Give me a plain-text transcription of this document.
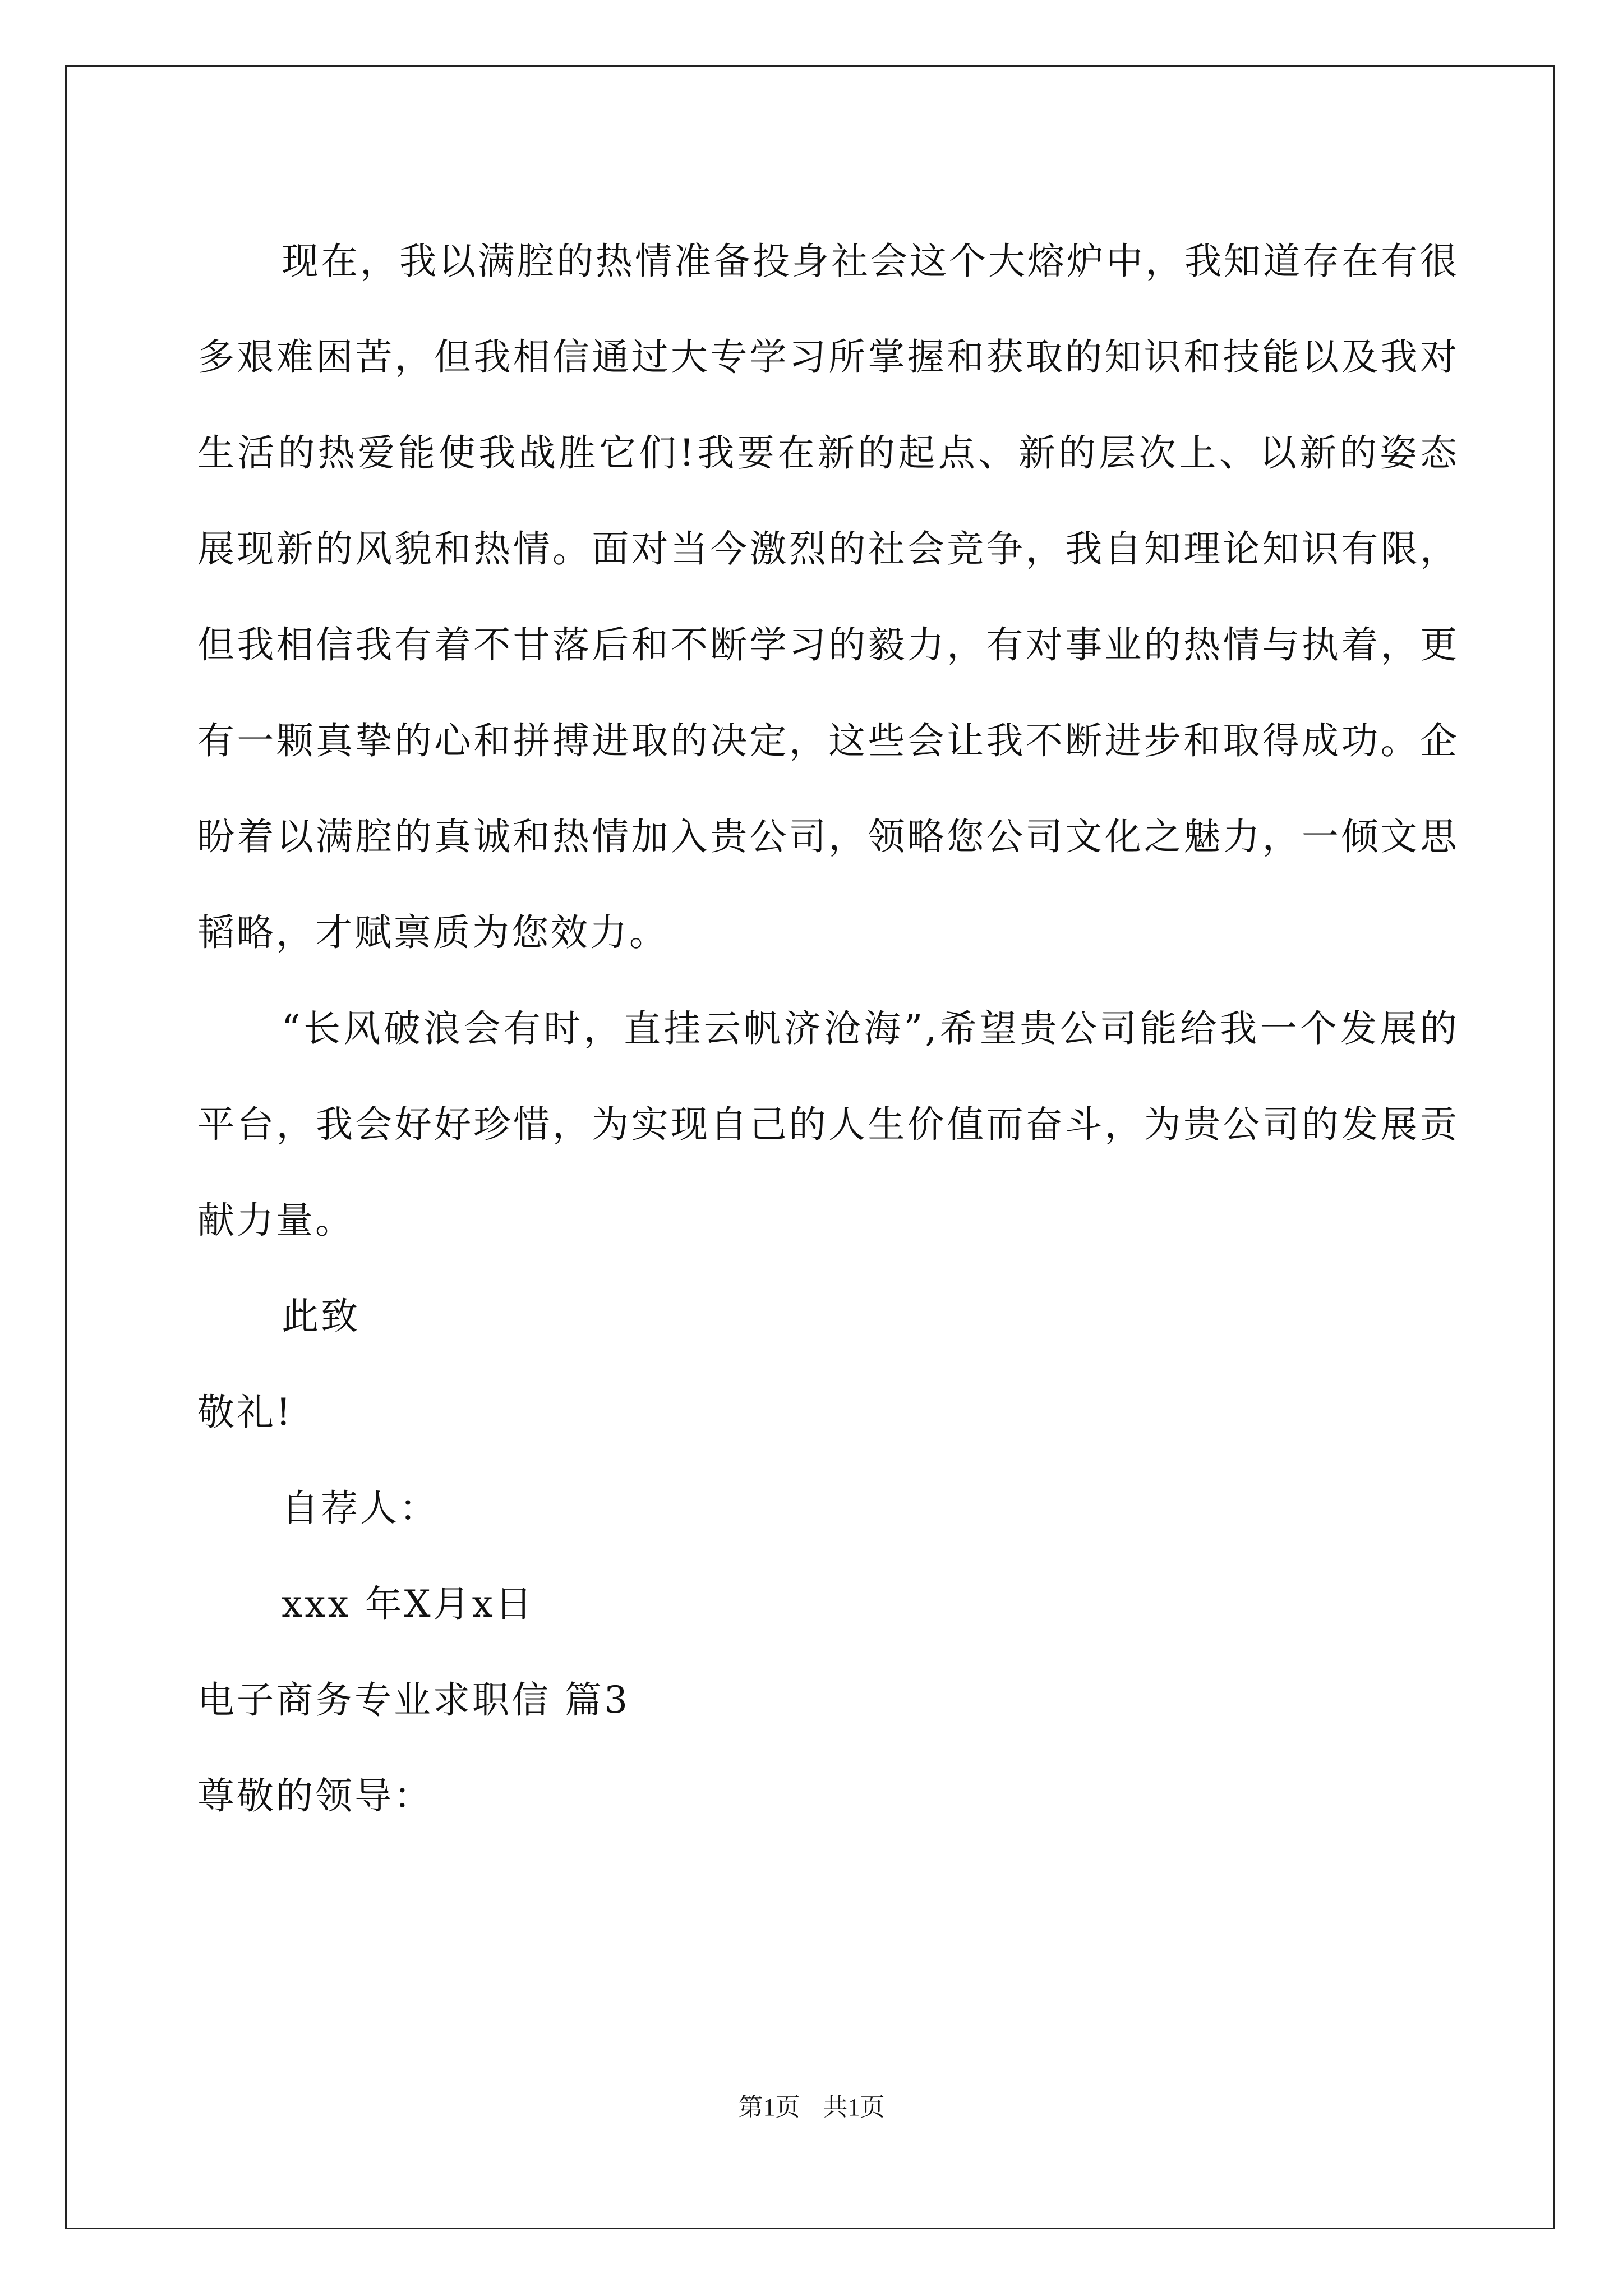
现在，我以满腔的热情准备投身社会这个大熔炉中，我知道存在有很多艰难困苦，但我相信通过大专学习所掌握和获取的知识和技能以及我对生活的热爱能使我战胜它们!我要在新的起点、新的层次上、以新的姿态展现新的风貌和热情。面对当今激烈的社会竞争，我自知理论知识有限，但我相信我有着不甘落后和不断学习的毅力，有对事业的热情与执着，更有一颗真挚的心和拼搏进取的决定，这些会让我不断进步和取得成功。企盼着以满腔的真诚和热情加入贵公司，领略您公司文化之魅力，一倾文思韬略，才赋禀质为您效力。

“长风破浪会有时，直挂云帆济沧海”,希望贵公司能给我一个发展的平台，我会好好珍惜，为实现自己的人生价值而奋斗，为贵公司的发展贡献力量。

此致

敬礼!

自荐人：

xxx 年X月x日

电子商务专业求职信 篇3

尊敬的领导：

第1页 共1页
